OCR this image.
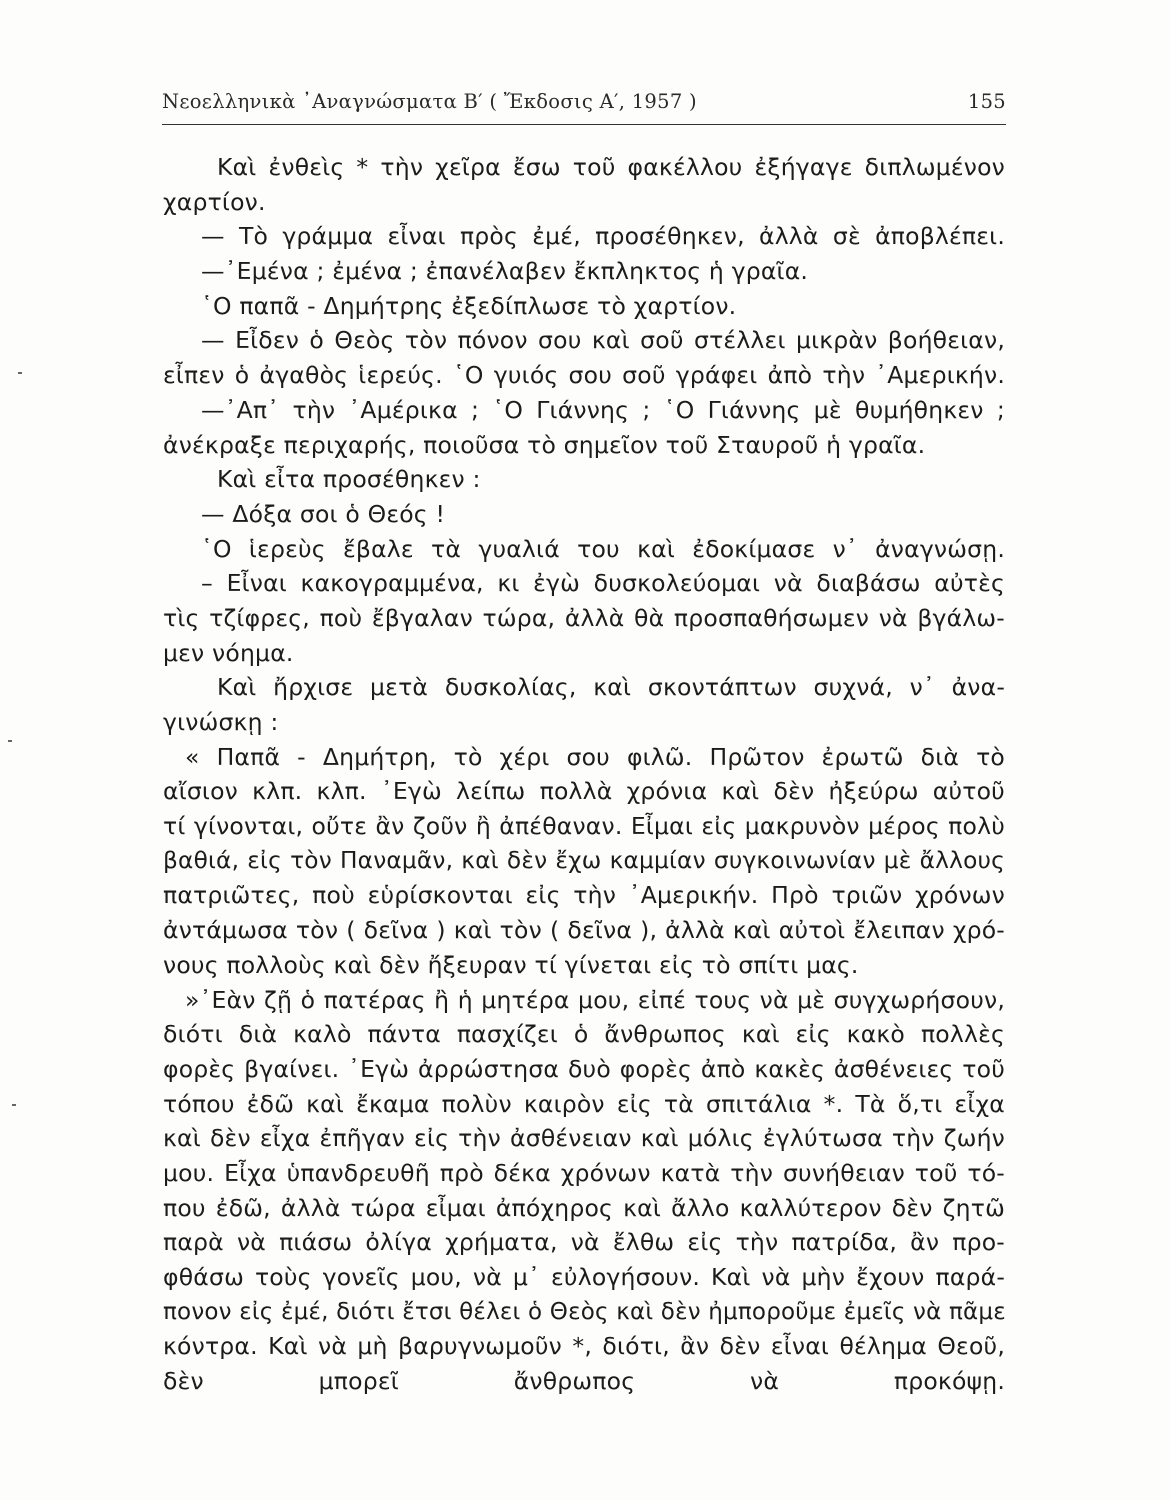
Νεοελληνικὰ ᾿Αναγνώσματα Β′ ( Ἔκδοσις Α′, 1957 )	155
Καὶ ἐνθεὶς * τὴν χεῖρα ἔσω τοῦ φακέλλου ἐξήγαγε διπλωμένον
χαρτίον.
— Τὸ γράμμα εἶναι πρὸς ἐμέ, προσέθηκεν, ἀλλὰ σὲ ἀποβλέπει.
—᾿Εμένα ; ἐμένα ; ἐπανέλαβεν ἔκπληκτος ἡ γραῖα.
῾Ο παπᾶ - Δημήτρης ἐξεδίπλωσε τὸ χαρτίον.
— Εἶδεν ὁ Θεὸς τὸν πόνον σου καὶ σοῦ στέλλει μικρὰν βοήθειαν,
εἶπεν ὁ ἀγαθὸς ἱερεύς. ῾Ο γυιός σου σοῦ γράφει ἀπὸ τὴν ᾿Αμερικήν.
—᾿Απ᾿ τὴν ᾿Αμέρικα ; ῾Ο Γιάννης ; ῾Ο Γιάννης μὲ θυμήθηκεν ;
ἀνέκραξε περιχαρής, ποιοῦσα τὸ σημεῖον τοῦ Σταυροῦ ἡ γραῖα.
Καὶ εἶτα προσέθηκεν :
— Δόξα σοι ὁ Θεός !
῾Ο ἱερεὺς ἔβαλε τὰ γυαλιά του καὶ ἐδοκίμασε ν᾿ ἀναγνώσῃ.
– Εἶναι κακογραμμένα, κι ἐγὼ δυσκολεύομαι νὰ διαβάσω αὐτὲς
τὶς τζίφρες, ποὺ ἔβγαλαν τώρα, ἀλλὰ θὰ προσπαθήσωμεν νὰ βγάλω-
μεν νόημα.
Καὶ ἤρχισε μετὰ δυσκολίας, καὶ σκοντάπτων συχνά, ν᾿ ἀνα-
γινώσκῃ :
« Παπᾶ - Δημήτρη, τὸ χέρι σου φιλῶ. Πρῶτον ἐρωτῶ διὰ τὸ
αἴσιον κλπ. κλπ. ᾿Εγὼ λείπω πολλὰ χρόνια καὶ δὲν ἠξεύρω αὐτοῦ
τί γίνονται, οὔτε ἂν ζοῦν ἢ ἀπέθαναν. Εἶμαι εἰς μακρυνὸν μέρος πολὺ
βαθιά, εἰς τὸν Παναμᾶν, καὶ δὲν ἔχω καμμίαν συγκοινωνίαν μὲ ἄλλους
πατριῶτες, ποὺ εὑρίσκονται εἰς τὴν ᾿Αμερικήν. Πρὸ τριῶν χρόνων
ἀντάμωσα τὸν ( δεῖνα ) καὶ τὸν ( δεῖνα ), ἀλλὰ καὶ αὐτοὶ ἔλειπαν χρό-
νους πολλοὺς καὶ δὲν ἤξευραν τί γίνεται εἰς τὸ σπίτι μας.
»᾿Εὰν ζῇ ὁ πατέρας ἢ ἡ μητέρα μου, εἰπέ τους νὰ μὲ συγχωρήσουν,
διότι διὰ καλὸ πάντα πασχίζει ὁ ἄνθρωπος καὶ εἰς κακὸ πολλὲς
φορὲς βγαίνει. ᾿Εγὼ ἀρρώστησα δυὸ φορὲς ἀπὸ κακὲς ἀσθένειες τοῦ
τόπου ἐδῶ καὶ ἔκαμα πολὺν καιρὸν εἰς τὰ σπιτάλια *. Τὰ ὅ,τι εἶχα
καὶ δὲν εἶχα ἐπῆγαν εἰς τὴν ἀσθένειαν καὶ μόλις ἐγλύτωσα τὴν ζωήν
μου. Εἶχα ὑπανδρευθῆ πρὸ δέκα χρόνων κατὰ τὴν συνήθειαν τοῦ τό-
που ἐδῶ, ἀλλὰ τώρα εἶμαι ἀπόχηρος καὶ ἄλλο καλλύτερον δὲν ζητῶ
παρὰ νὰ πιάσω ὀλίγα χρήματα, νὰ ἔλθω εἰς τὴν πατρίδα, ἂν προ-
φθάσω τοὺς γονεῖς μου, νὰ μ᾿ εὐλογήσουν. Καὶ νὰ μὴν ἔχουν παρά-
πονον εἰς ἐμέ, διότι ἔτσι θέλει ὁ Θεὸς καὶ δὲν ἠμποροῦμε ἐμεῖς νὰ πᾶμε
κόντρα. Καὶ νὰ μὴ βαρυγνωμοῦν *, διότι, ἂν δὲν εἶναι θέλημα Θεοῦ,
δὲν μπορεῖ ἄνθρωπος νὰ προκόψῃ.
